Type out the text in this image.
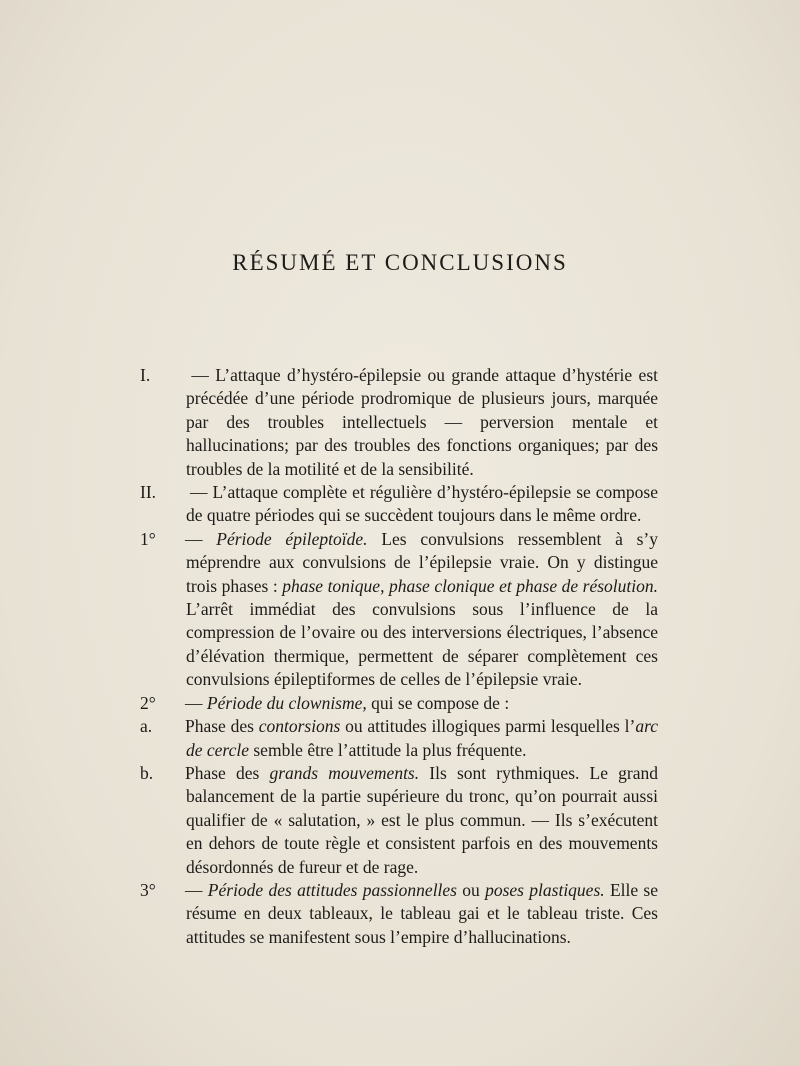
RÉSUMÉ ET CONCLUSIONS

I. — L’attaque d’hystéro-épilepsie ou grande attaque d’hystérie est précédée d’une période prodromique de plusieurs jours, marquée par des troubles intellectuels — perversion mentale et hallucinations; par des troubles des fonctions organiques; par des troubles de la motilité et de la sensibilité.

II. — L’attaque complète et régulière d’hystéro-épilepsie se compose de quatre périodes qui se succèdent toujours dans le même ordre.

1° — Période épileptoïde. Les convulsions ressemblent à s’y méprendre aux convulsions de l’épilepsie vraie. On y distingue trois phases : phase tonique, phase clonique et phase de résolution. L’arrêt immédiat des convulsions sous l’influence de la compression de l’ovaire ou des interversions électriques, l’absence d’élévation thermique, permettent de séparer complètement ces convulsions épileptiformes de celles de l’épilepsie vraie.

2° — Période du clownisme, qui se compose de :

a. Phase des contorsions ou attitudes illogiques parmi lesquelles l’arc de cercle semble être l’attitude la plus fréquente.

b. Phase des grands mouvements. Ils sont rythmiques. Le grand balancement de la partie supérieure du tronc, qu’on pourrait aussi qualifier de « salutation, » est le plus commun. — Ils s’exécutent en dehors de toute règle et consistent parfois en des mouvements désordonnés de fureur et de rage.

3° — Période des attitudes passionnelles ou poses plastiques. Elle se résume en deux tableaux, le tableau gai et le tableau triste. Ces attitudes se manifestent sous l’empire d’hallucinations.
